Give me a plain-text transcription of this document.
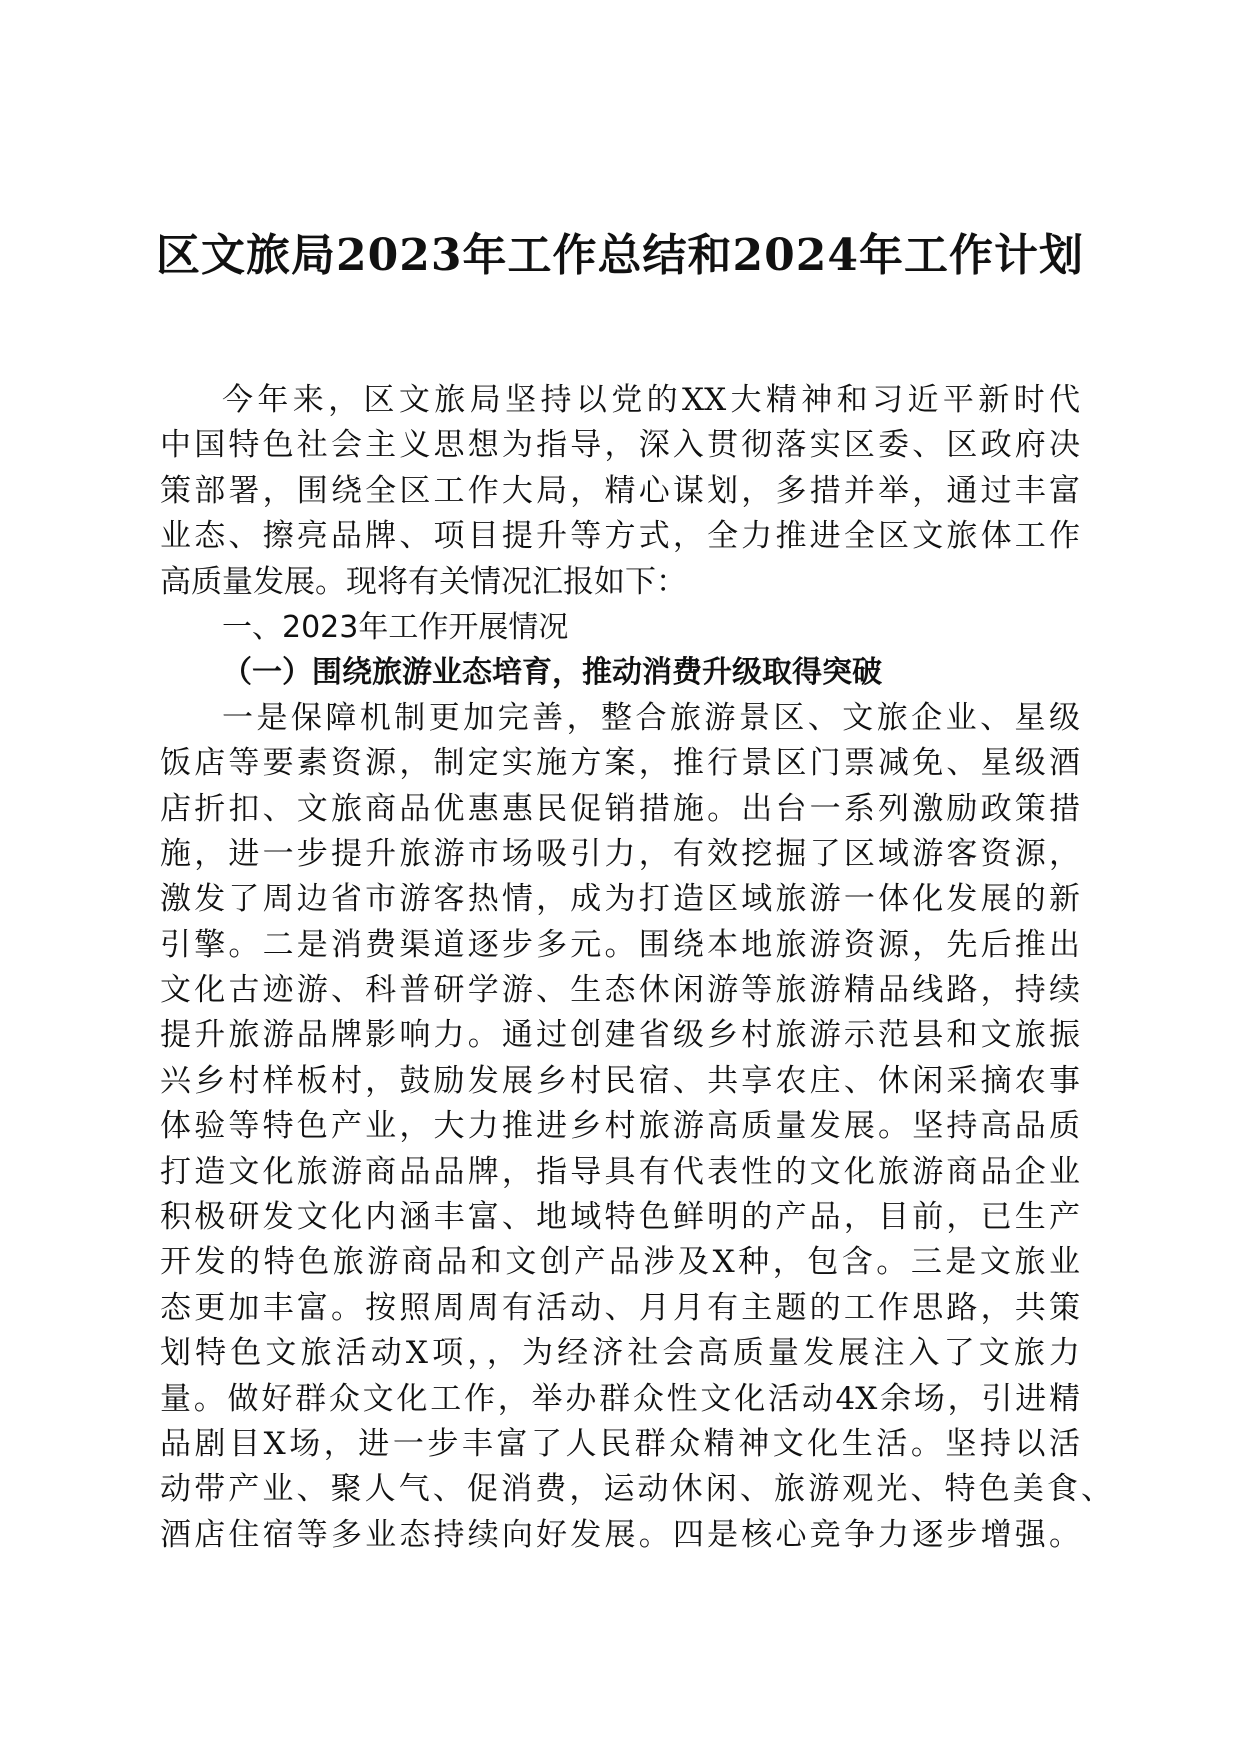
区文旅局2023年工作总结和2024年工作计划
今年来，区文旅局坚持以党的XX大精神和习近平新时代
中国特色社会主义思想为指导，深入贯彻落实区委、区政府决
策部署，围绕全区工作大局，精心谋划，多措并举，通过丰富
业态、擦亮品牌、项目提升等方式，全力推进全区文旅体工作
高质量发展。现将有关情况汇报如下：
一、2023年工作开展情况
（一）围绕旅游业态培育，推动消费升级取得突破
一是保障机制更加完善，整合旅游景区、文旅企业、星级
饭店等要素资源，制定实施方案，推行景区门票减免、星级酒
店折扣、文旅商品优惠惠民促销措施。出台一系列激励政策措
施，进一步提升旅游市场吸引力，有效挖掘了区域游客资源，
激发了周边省市游客热情，成为打造区域旅游一体化发展的新
引擎。二是消费渠道逐步多元。围绕本地旅游资源，先后推出
文化古迹游、科普研学游、生态休闲游等旅游精品线路，持续
提升旅游品牌影响力。通过创建省级乡村旅游示范县和文旅振
兴乡村样板村，鼓励发展乡村民宿、共享农庄、休闲采摘农事
体验等特色产业，大力推进乡村旅游高质量发展。坚持高品质
打造文化旅游商品品牌，指导具有代表性的文化旅游商品企业
积极研发文化内涵丰富、地域特色鲜明的产品，目前，已生产
开发的特色旅游商品和文创产品涉及X种，包含。三是文旅业
态更加丰富。按照周周有活动、月月有主题的工作思路，共策
划特色文旅活动X项，，为经济社会高质量发展注入了文旅力
量。做好群众文化工作，举办群众性文化活动4X余场，引进精
品剧目X场，进一步丰富了人民群众精神文化生活。坚持以活
动带产业、聚人气、促消费，运动休闲、旅游观光、特色美食、
酒店住宿等多业态持续向好发展。四是核心竞争力逐步增强。
